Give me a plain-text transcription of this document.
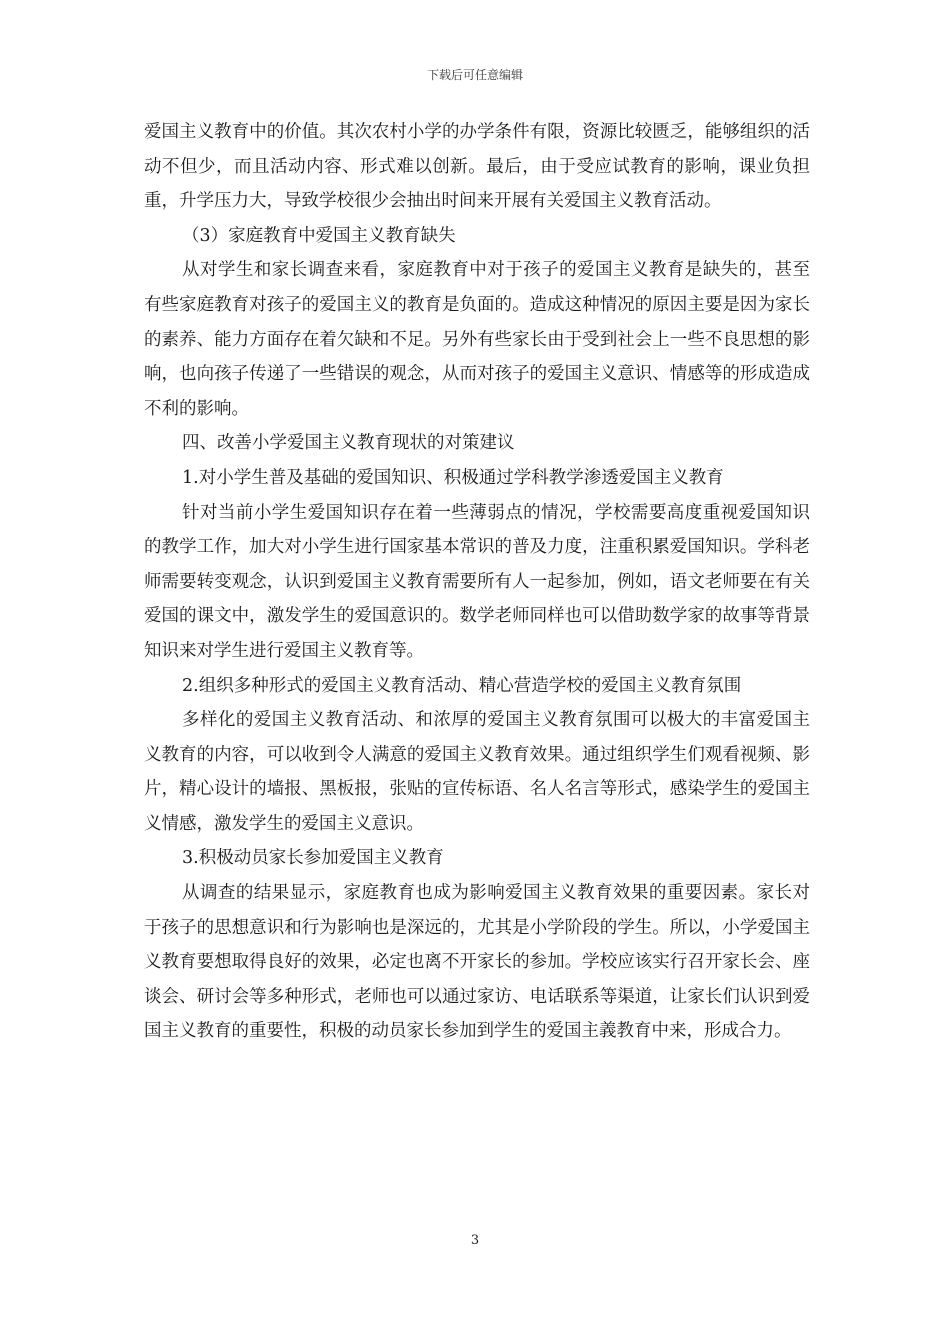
下载后可任意编辑

爱国主义教育中的价值。其次农村小学的办学条件有限，资源比较匮乏，能够组织的活动不但少，而且活动内容、形式难以创新。最后，由于受应试教育的影响，课业负担重，升学压力大，导致学校很少会抽出时间来开展有关爱国主义教育活动。

（3）家庭教育中爱国主义教育缺失

从对学生和家长调查来看，家庭教育中对于孩子的爱国主义教育是缺失的，甚至有些家庭教育对孩子的爱国主义的教育是负面的。造成这种情况的原因主要是因为家长的素养、能力方面存在着欠缺和不足。另外有些家长由于受到社会上一些不良思想的影响，也向孩子传递了一些错误的观念，从而对孩子的爱国主义意识、情感等的形成造成不利的影响。

四、改善小学爱国主义教育现状的对策建议

1.对小学生普及基础的爱国知识、积极通过学科教学渗透爱国主义教育

针对当前小学生爱国知识存在着一些薄弱点的情况，学校需要高度重视爱国知识的教学工作，加大对小学生进行国家基本常识的普及力度，注重积累爱国知识。学科老师需要转变观念，认识到爱国主义教育需要所有人一起参加，例如，语文老师要在有关爱国的课文中，激发学生的爱国意识的。数学老师同样也可以借助数学家的故事等背景知识来对学生进行爱国主义教育等。

2.组织多种形式的爱国主义教育活动、精心营造学校的爱国主义教育氛围

多样化的爱国主义教育活动、和浓厚的爱国主义教育氛围可以极大的丰富爱国主义教育的内容，可以收到令人满意的爱国主义教育效果。通过组织学生们观看视频、影片，精心设计的墙报、黑板报，张贴的宣传标语、名人名言等形式，感染学生的爱国主义情感，激发学生的爱国主义意识。

3.积极动员家长参加爱国主义教育

从调查的结果显示，家庭教育也成为影响爱国主义教育效果的重要因素。家长对于孩子的思想意识和行为影响也是深远的，尤其是小学阶段的学生。所以，小学爱国主义教育要想取得良好的效果，必定也离不开家长的参加。学校应该实行召开家长会、座谈会、研讨会等多种形式，老师也可以通过家访、电话联系等渠道，让家长们认识到爱国主义教育的重要性，积极的动员家长参加到学生的爱国主義教育中来，形成合力。

3
